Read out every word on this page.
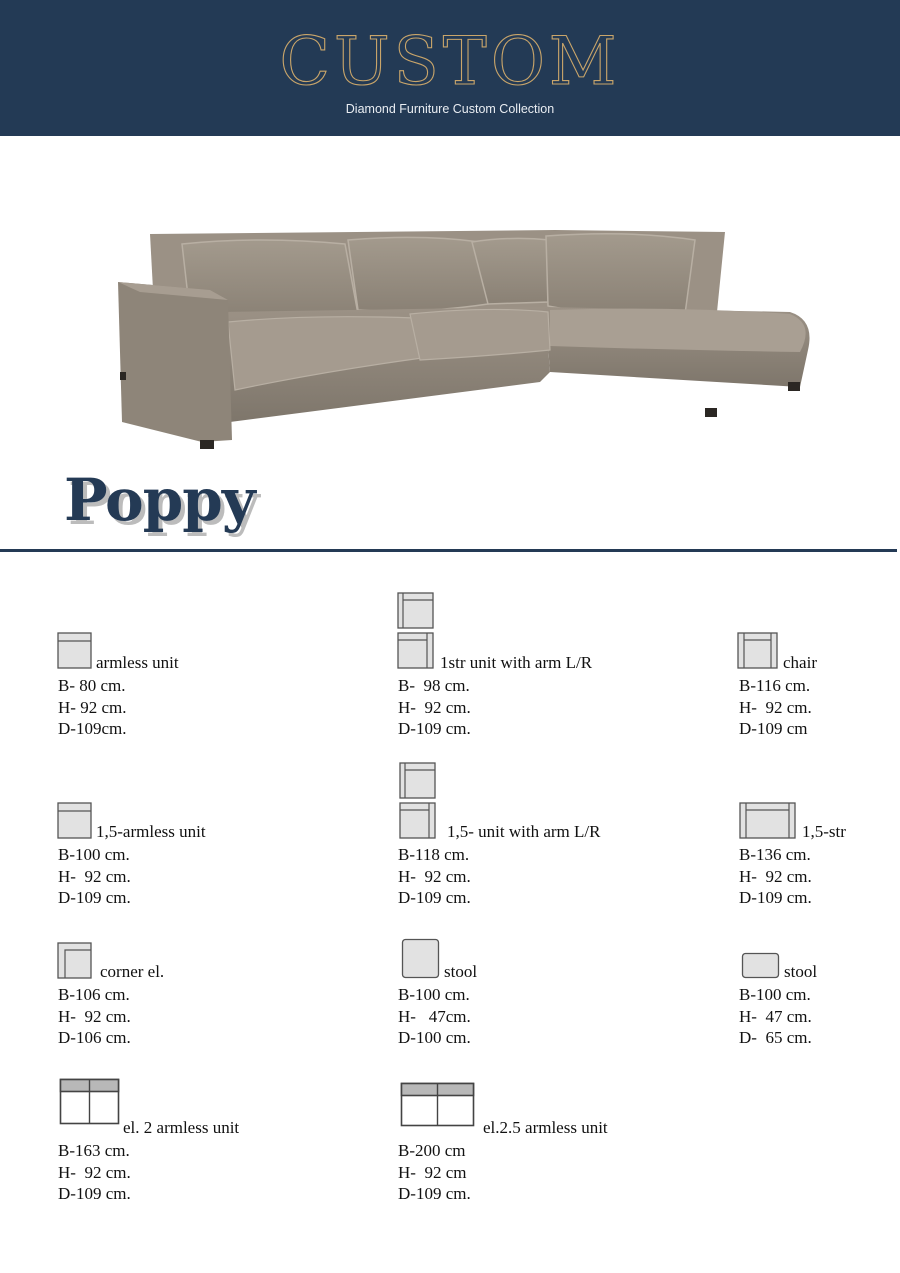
CUSTOM
Diamond Furniture Custom Collection
Poppy
armless unit
B- 80 cm.
H- 92 cm.
D-109cm.
1str unit with arm L/R
B-  98 cm.
H-  92 cm.
D-109 cm.
chair
B-116 cm.
H-  92 cm.
D-109 cm
1,5-armless unit
B-100 cm.
H-  92 cm.
D-109 cm.
1,5- unit with arm L/R
B-118 cm.
H-  92 cm.
D-109 cm.
1,5-str
B-136 cm.
H-  92 cm.
D-109 cm.
corner el.
B-106 cm.
H-  92 cm.
D-106 cm.
stool
B-100 cm.
H-   47cm.
D-100 cm.
stool
B-100 cm.
H-  47 cm.
D-  65 cm.
el. 2 armless unit
B-163 cm.
H-  92 cm.
D-109 cm.
el.2.5 armless unit
B-200 cm
H-  92 cm
D-109 cm.
